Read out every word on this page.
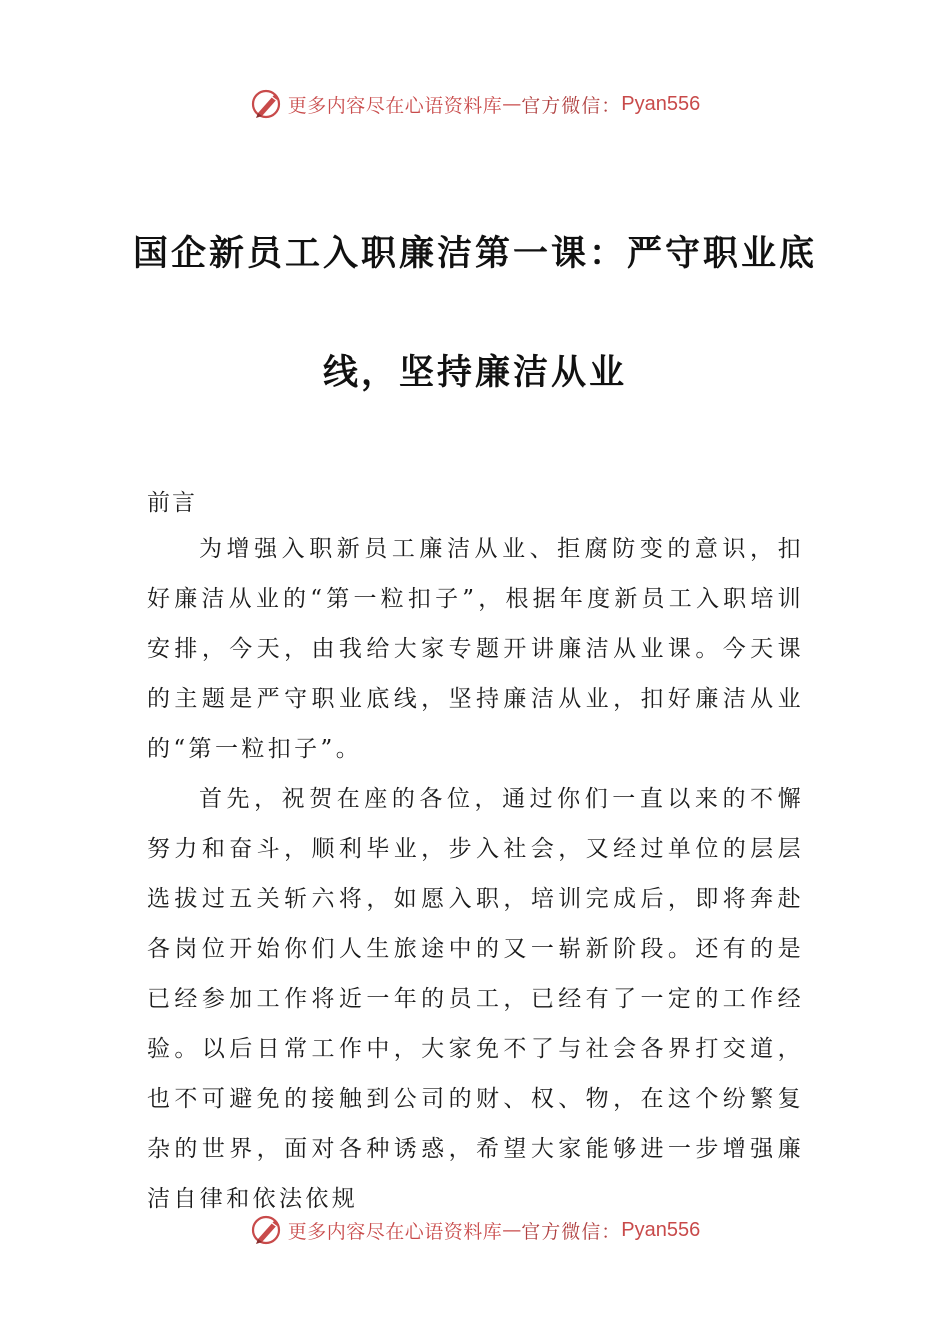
更多内容尽在心语资料库 — 官方微信： Pyan556
国企新员工入职廉洁第一课：严守职业底
线，坚持廉洁从业
前言

为增强入职新员工廉洁从业、拒腐防变的意识，扣好廉洁从业的“第一粒扣子”，根据年度新员工入职培训安排，今天，由我给大家专题开讲廉洁从业课。今天课的主题是严守职业底线，坚持廉洁从业，扣好廉洁从业的“第一粒扣子”。

首先，祝贺在座的各位，通过你们一直以来的不懈努力和奋斗，顺利毕业，步入社会，又经过单位的层层选拔过五关斩六将，如愿入职，培训完成后，即将奔赴各岗位开始你们人生旅途中的又一崭新阶段。还有的是已经参加工作将近一年的员工，已经有了一定的工作经验。以后日常工作中，大家免不了与社会各界打交道，也不可避免的接触到公司的财、权、物，在这个纷繁复杂的世界，面对各种诱惑，希望大家能够进一步增强廉洁自律和依法依规

更多内容尽在心语资料库 — 官方微信： Pyan556
